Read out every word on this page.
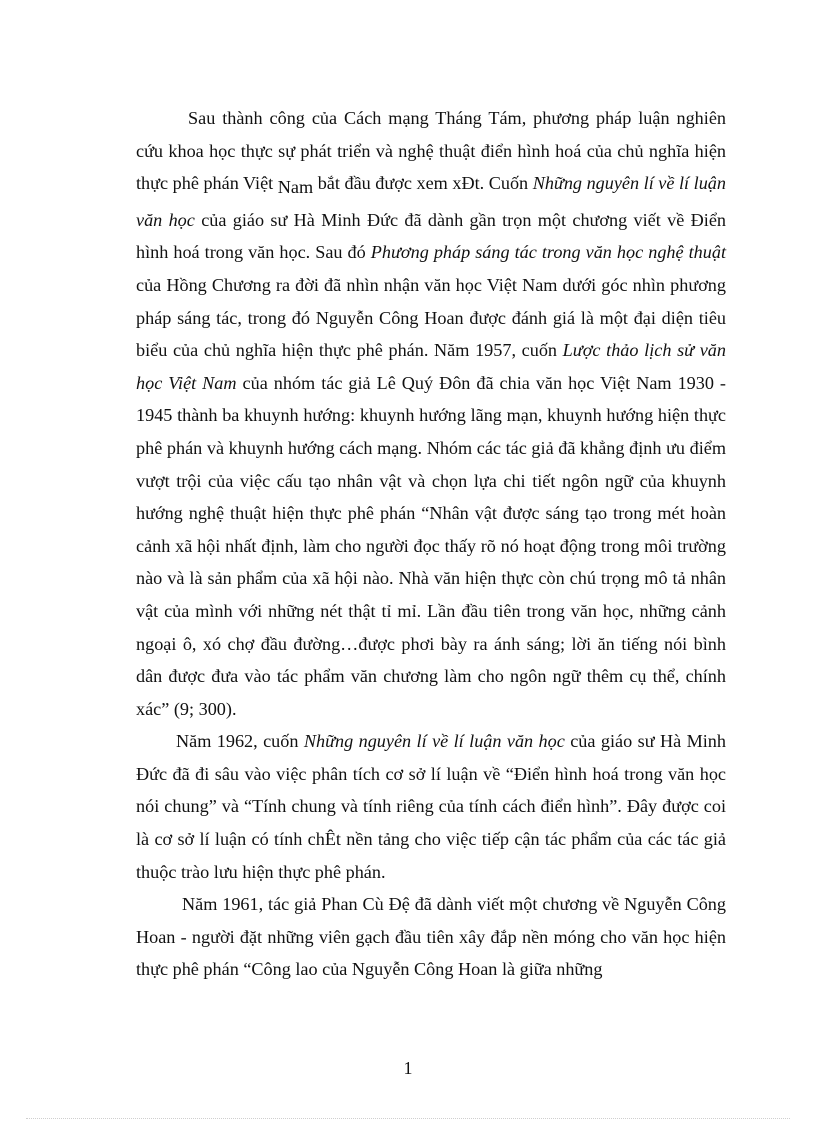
Sau thành công của Cách mạng Tháng Tám, phương pháp luận nghiên cứu khoa học thực sự phát triển và nghệ thuật điển hình hoá của chủ nghĩa hiện thực phê phán Việt Nam bắt đầu được xem xÐt. Cuốn Những nguyên lí về lí luận văn học của giáo sư Hà Minh Đức đã dành gần trọn một chương viết về Điển hình hoá trong văn học. Sau đó Phương pháp sáng tác trong văn học nghệ thuật của Hồng Chương ra đời đã nhìn nhận văn học Việt Nam dưới góc nhìn phương pháp sáng tác, trong đó Nguyễn Công Hoan được đánh giá là một đại diện tiêu biểu của chủ nghĩa hiện thực phê phán. Năm 1957, cuốn Lược thảo lịch sử văn học Việt Nam của nhóm tác giả Lê Quý Đôn đã chia văn học Việt Nam 1930 - 1945 thành ba khuynh hướng: khuynh hướng lãng mạn, khuynh hướng hiện thực phê phán và khuynh hướng cách mạng. Nhóm các tác giả đã khẳng định ưu điểm vượt trội của việc cấu tạo nhân vật và chọn lựa chi tiết ngôn ngữ của khuynh hướng nghệ thuật hiện thực phê phán “Nhân vật được sáng tạo trong mét hoàn cảnh xã hội nhất định, làm cho người đọc thấy rõ nó hoạt động trong môi trường nào và là sản phẩm của xã hội nào. Nhà văn hiện thực còn chú trọng mô tả nhân vật của mình với những nét thật tỉ mỉ. Lần đầu tiên trong văn học, những cảnh ngoại ô, xó chợ đầu đường…được phơi bày ra ánh sáng; lời ăn tiếng nói bình dân được đưa vào tác phẩm văn chương làm cho ngôn ngữ thêm cụ thể, chính xác” (9; 300).

Năm 1962, cuốn Những nguyên lí về lí luận văn học của giáo sư Hà Minh Đức đã đi sâu vào việc phân tích cơ sở lí luận về “Điển hình hoá trong văn học nói chung” và “Tính chung và tính riêng của tính cách điển hình”. Đây được coi là cơ sở lí luận có tính chÊt nền tảng cho việc tiếp cận tác phẩm của các tác giả thuộc trào lưu hiện thực phê phán.

Năm 1961, tác giả Phan Cù Đệ đã dành viết một chương về Nguyễn Công Hoan - người đặt những viên gạch đầu tiên xây đắp nền móng cho văn học hiện thực phê phán “Công lao của Nguyễn Công Hoan là giữa những

1
